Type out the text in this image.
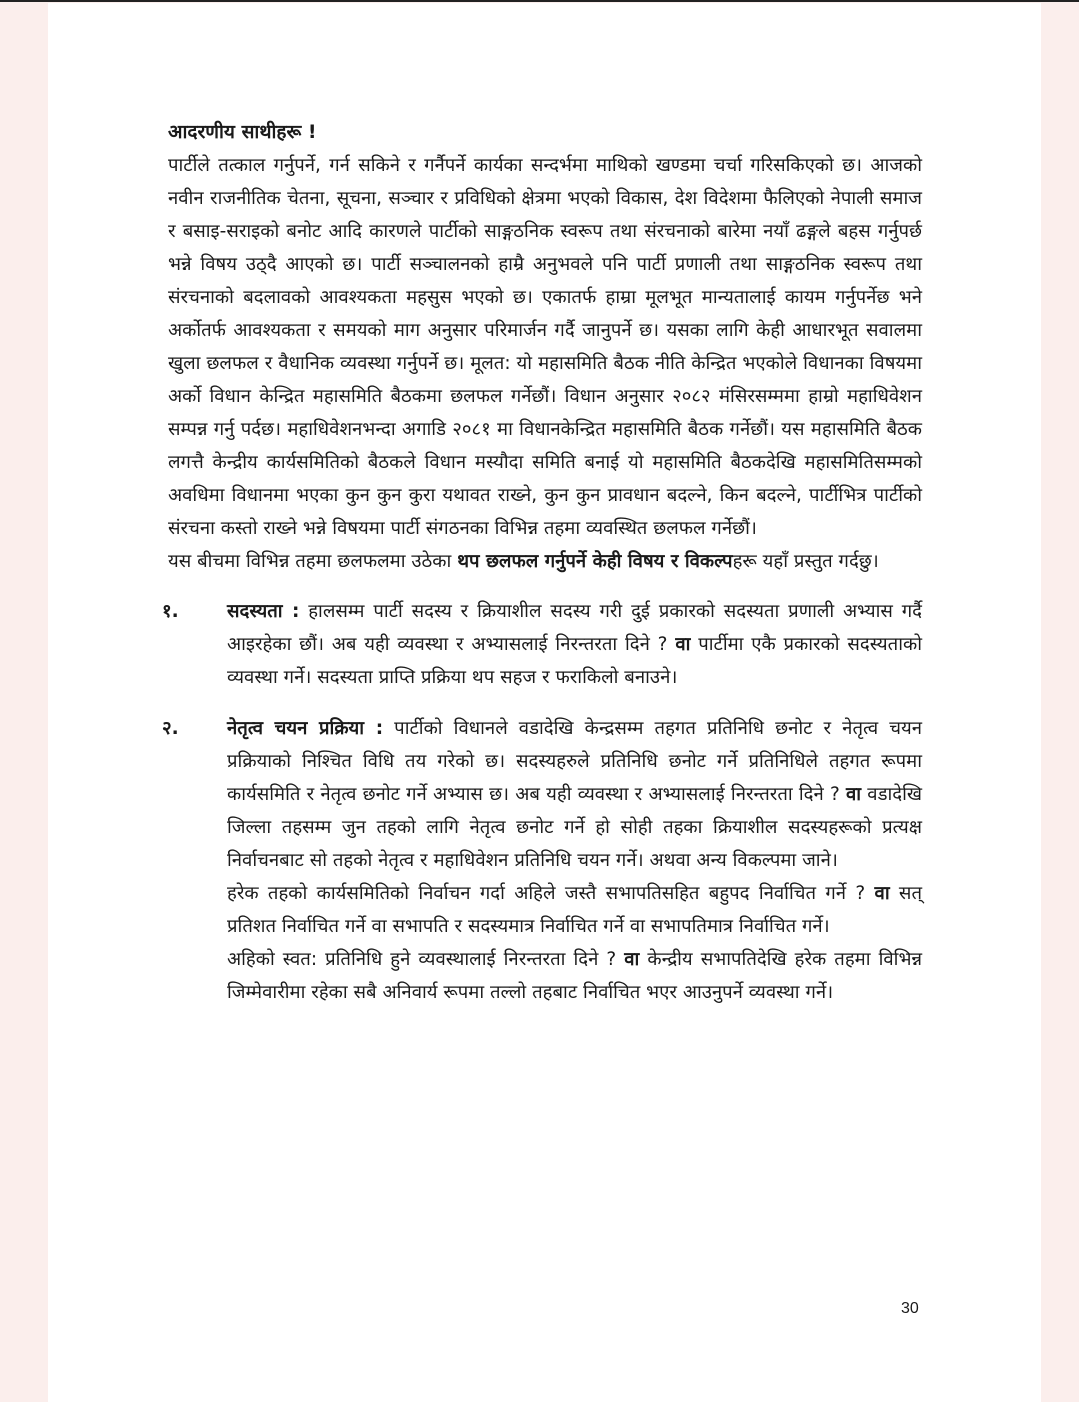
आदरणीय साथीहरू !

पार्टीले तत्काल गर्नुपर्ने, गर्न सकिने र गर्नैपर्ने कार्यका सन्दर्भमा माथिको खण्डमा चर्चा गरिसकिएको छ। आजको नवीन राजनीतिक चेतना, सूचना, सञ्चार र प्रविधिको क्षेत्रमा भएको विकास, देश विदेशमा फैलिएको नेपाली समाज र बसाइ-सराइको बनोट आदि कारणले पार्टीको साङ्गठनिक स्वरूप तथा संरचनाको बारेमा नयाँ ढङ्गले बहस गर्नुपर्छ भन्ने विषय उठ्दै आएको छ। पार्टी सञ्चालनको हाम्रै अनुभवले पनि पार्टी प्रणाली तथा साङ्गठनिक स्वरूप तथा संरचनाको बदलावको आवश्यकता महसुस भएको छ। एकातर्फ हाम्रा मूलभूत मान्यतालाई कायम गर्नुपर्नेछ भने अर्कोतर्फ आवश्यकता र समयको माग अनुसार परिमार्जन गर्दै जानुपर्ने छ। यसका लागि केही आधारभूत सवालमा खुला छलफल र वैधानिक व्यवस्था गर्नुपर्ने छ। मूलत: यो महासमिति बैठक नीति केन्द्रित भएकोले विधानका विषयमा अर्को विधान केन्द्रित महासमिति बैठकमा छलफल गर्नेछौं। विधान अनुसार २०८२ मंसिरसम्ममा हाम्रो महाधिवेशन सम्पन्न गर्नु पर्दछ। महाधिवेशनभन्दा अगाडि २०८१ मा विधानकेन्द्रित महासमिति बैठक गर्नेछौं। यस महासमिति बैठक लगत्तै केन्द्रीय कार्यसमितिको बैठकले विधान मस्यौदा समिति बनाई यो महासमिति बैठकदेखि महासमितिसम्मको अवधिमा विधानमा भएका कुन कुन कुरा यथावत राख्ने, कुन कुन प्रावधान बदल्ने, किन बदल्ने, पार्टीभित्र पार्टीको संरचना कस्तो राख्ने भन्ने विषयमा पार्टी संगठनका विभिन्न तहमा व्यवस्थित छलफल गर्नेछौं।

यस बीचमा विभिन्न तहमा छलफलमा उठेका थप छलफल गर्नुपर्ने केही विषय र विकल्पहरू यहाँ प्रस्तुत गर्दछु।

१.	सदस्यता : हालसम्म पार्टी सदस्य र क्रियाशील सदस्य गरी दुई प्रकारको सदस्यता प्रणाली अभ्यास गर्दै आइरहेका छौं। अब यही व्यवस्था र अभ्यासलाई निरन्तरता दिने ? वा पार्टीमा एकै प्रकारको सदस्यताको व्यवस्था गर्ने। सदस्यता प्राप्ति प्रक्रिया थप सहज र फराकिलो बनाउने।

२.	नेतृत्व चयन प्रक्रिया : पार्टीको विधानले वडादेखि केन्द्रसम्म तहगत प्रतिनिधि छनोट र नेतृत्व चयन प्रक्रियाको निश्चित विधि तय गरेको छ। सदस्यहरुले प्रतिनिधि छनोट गर्ने प्रतिनिधिले तहगत रूपमा कार्यसमिति र नेतृत्व छनोट गर्ने अभ्यास छ। अब यही व्यवस्था र अभ्यासलाई निरन्तरता दिने ? वा वडादेखि जिल्ला तहसम्म जुन तहको लागि नेतृत्व छनोट गर्ने हो सोही तहका क्रियाशील सदस्यहरूको प्रत्यक्ष निर्वाचनबाट सो तहको नेतृत्व र महाधिवेशन प्रतिनिधि चयन गर्ने। अथवा अन्य विकल्पमा जाने।

हरेक तहको कार्यसमितिको निर्वाचन गर्दा अहिले जस्तै सभापतिसहित बहुपद निर्वाचित गर्ने ? वा सत् प्रतिशत निर्वाचित गर्ने वा सभापति र सदस्यमात्र निर्वाचित गर्ने वा सभापतिमात्र निर्वाचित गर्ने।

अहिको स्वत: प्रतिनिधि हुने व्यवस्थालाई निरन्तरता दिने ? वा केन्द्रीय सभापतिदेखि हरेक तहमा विभिन्न जिम्मेवारीमा रहेका सबै अनिवार्य रूपमा तल्लो तहबाट निर्वाचित भएर आउनुपर्ने व्यवस्था गर्ने।

30
